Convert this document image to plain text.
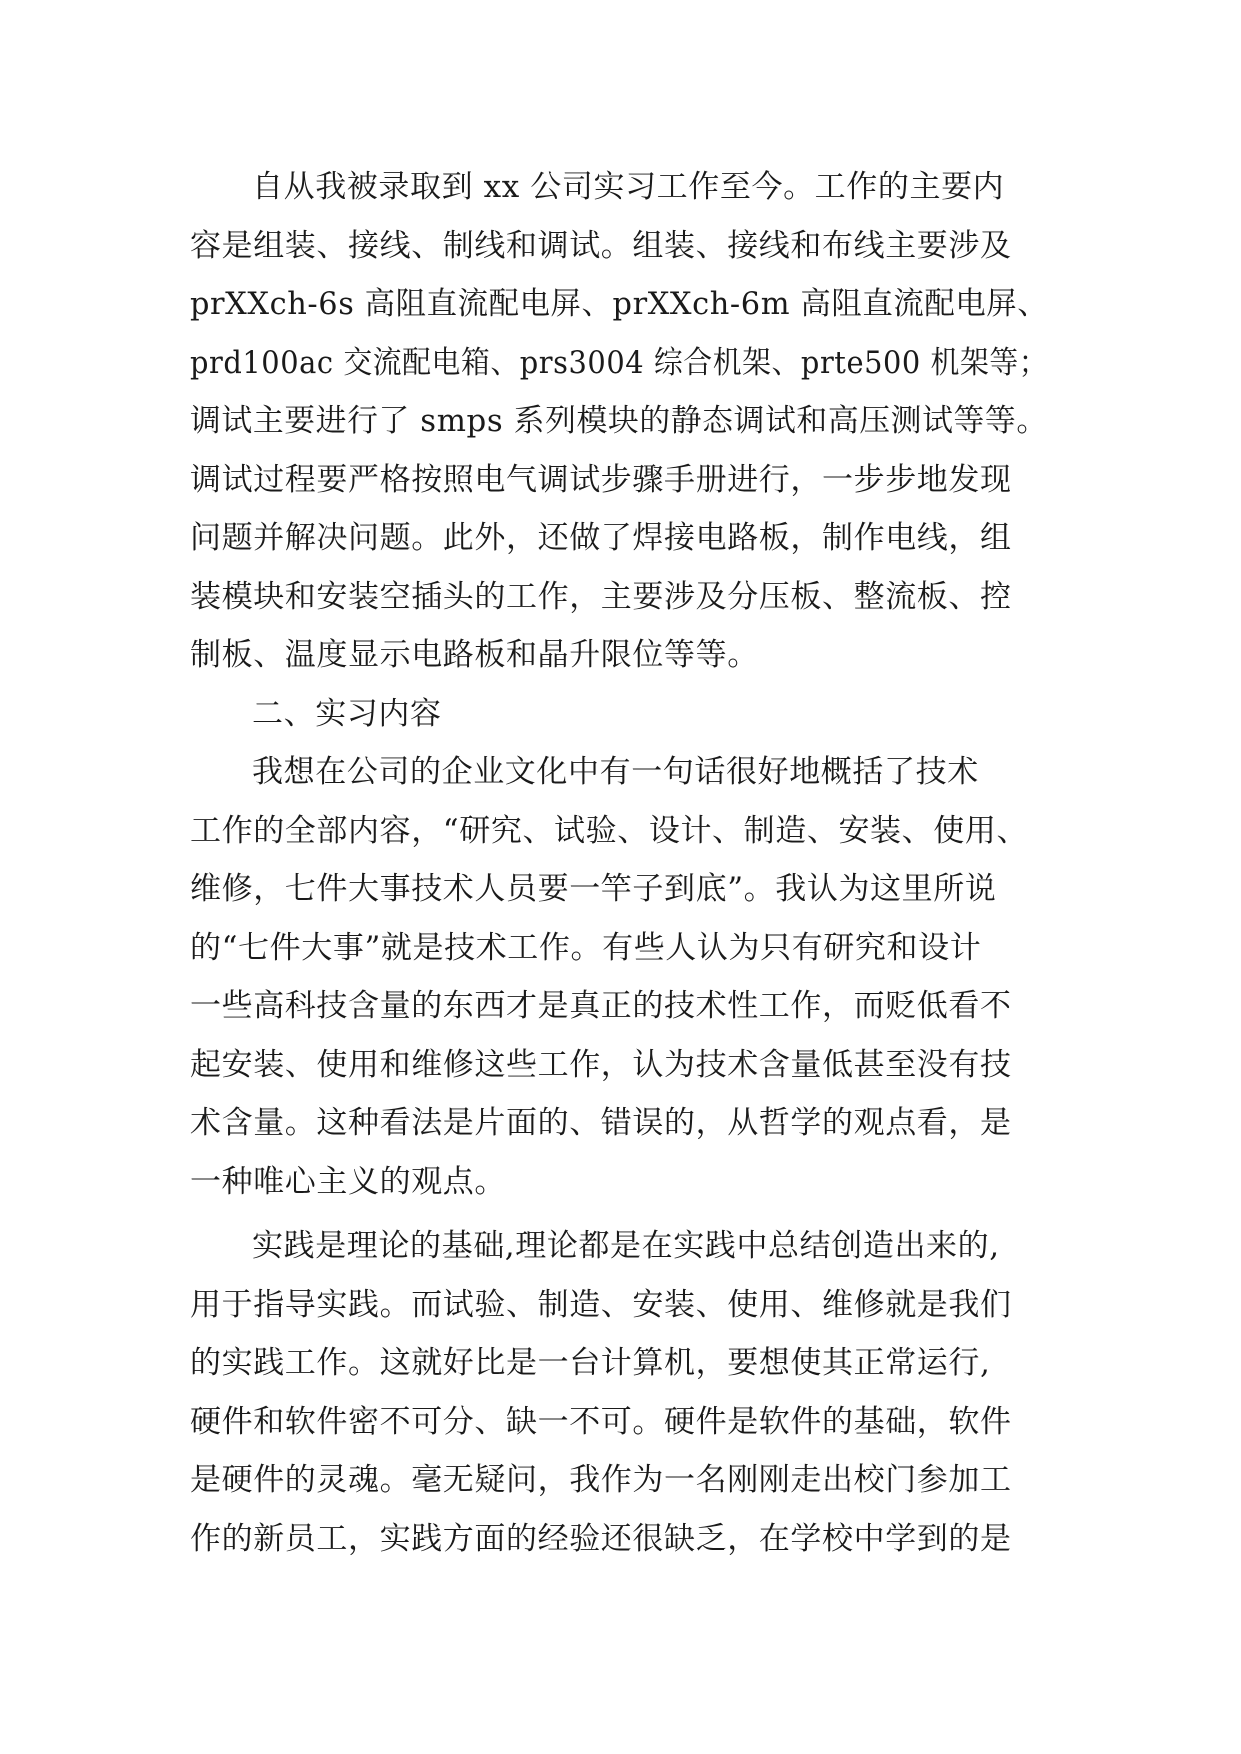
自从我被录取到 xx 公司实习工作至今。工作的主要内
容是组装、接线、制线和调试。组装、接线和布线主要涉及
prXXch-6s 高阻直流配电屏、prXXch-6m 高阻直流配电屏、
prd100ac 交流配电箱、prs3004 综合机架、prte500 机架等；
调试主要进行了 smps 系列模块的静态调试和高压测试等等。
调试过程要严格按照电气调试步骤手册进行，一步步地发现
问题并解决问题。此外，还做了焊接电路板，制作电线，组
装模块和安装空插头的工作，主要涉及分压板、整流板、控
制板、温度显示电路板和晶升限位等等。
二、实习内容
我想在公司的企业文化中有一句话很好地概括了技术
工作的全部内容，“研究、试验、设计、制造、安装、使用、
维修，七件大事技术人员要一竿子到底”。我认为这里所说
的“七件大事”就是技术工作。有些人认为只有研究和设计
一些高科技含量的东西才是真正的技术性工作，而贬低看不
起安装、使用和维修这些工作，认为技术含量低甚至没有技
术含量。这种看法是片面的、错误的，从哲学的观点看，是
一种唯心主义的观点。
实践是理论的基础,理论都是在实践中总结创造出来的,
用于指导实践。而试验、制造、安装、使用、维修就是我们
的实践工作。这就好比是一台计算机，要想使其正常运行,
硬件和软件密不可分、缺一不可。硬件是软件的基础，软件
是硬件的灵魂。毫无疑问，我作为一名刚刚走出校门参加工
作的新员工，实践方面的经验还很缺乏，在学校中学到的是
